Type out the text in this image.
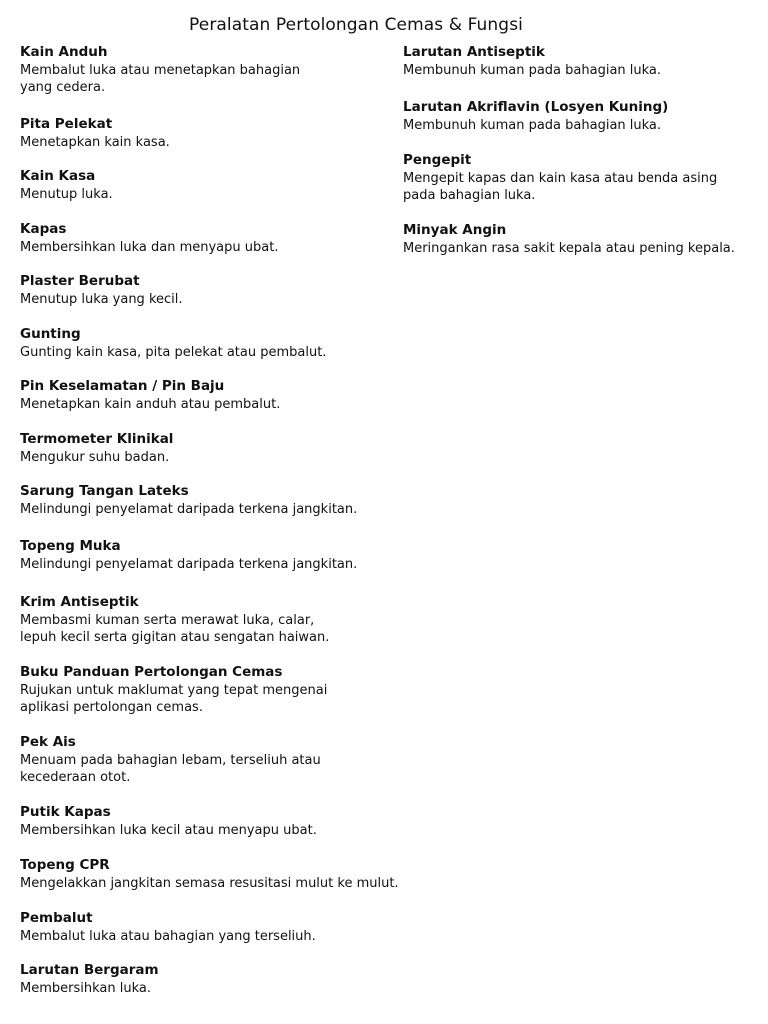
Peralatan Pertolongan Cemas & Fungsi
Kain Anduh
Membalut luka atau menetapkan bahagian
yang cedera.
Pita Pelekat
Menetapkan kain kasa.
Kain Kasa
Menutup luka.
Kapas
Membersihkan luka dan menyapu ubat.
Plaster Berubat
Menutup luka yang kecil.
Gunting
Gunting kain kasa, pita pelekat atau pembalut.
Pin Keselamatan / Pin Baju
Menetapkan kain anduh atau pembalut.
Termometer Klinikal
Mengukur suhu badan.
Sarung Tangan Lateks
Melindungi penyelamat daripada terkena jangkitan.
Topeng Muka
Melindungi penyelamat daripada terkena jangkitan.
Krim Antiseptik
Membasmi kuman serta merawat luka, calar,
lepuh kecil serta gigitan atau sengatan haiwan.
Buku Panduan Pertolongan Cemas
Rujukan untuk maklumat yang tepat mengenai
aplikasi pertolongan cemas.
Pek Ais
Menuam pada bahagian lebam, terseliuh atau
kecederaan otot.
Putik Kapas
Membersihkan luka kecil atau menyapu ubat.
Topeng CPR
Mengelakkan jangkitan semasa resusitasi mulut ke mulut.
Pembalut
Membalut luka atau bahagian yang terseliuh.
Larutan Bergaram
Membersihkan luka.
Larutan Antiseptik
Membunuh kuman pada bahagian luka.
Larutan Akriflavin (Losyen Kuning)
Membunuh kuman pada bahagian luka.
Pengepit
Mengepit kapas dan kain kasa atau benda asing
pada bahagian luka.
Minyak Angin
Meringankan rasa sakit kepala atau pening kepala.
